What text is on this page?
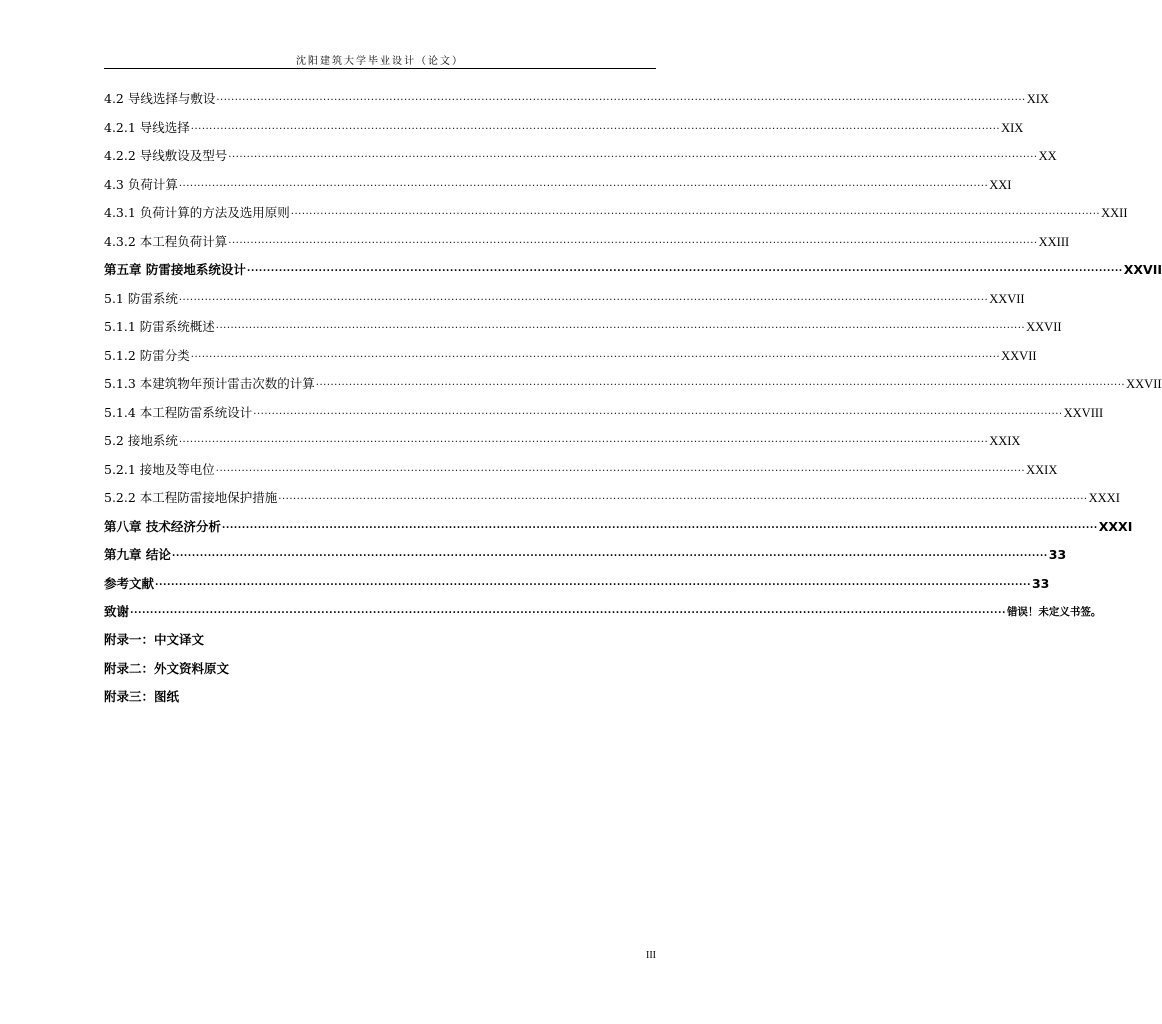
沈阳建筑大学毕业设计（论文）
4.2 导线选择与敷设 ............................................................................................................................................................................................................................ XIX
4.2.1 导线选择 ............................................................................................................................................................................................................................ XIX
4.2.2 导线敷设及型号 ............................................................................................................................................................................................................................ XX
4.3 负荷计算 ............................................................................................................................................................................................................................ XXI
4.3.1 负荷计算的方法及选用原则 ............................................................................................................................................................................................................................ XXII
4.3.2 本工程负荷计算 ............................................................................................................................................................................................................................ XXIII
第五章 防雷接地系统设计 ............................................................................................................................................................................................................................ XXVII
5.1 防雷系统 ............................................................................................................................................................................................................................ XXVII
5.1.1 防雷系统概述 ............................................................................................................................................................................................................................ XXVII
5.1.2 防雷分类 ............................................................................................................................................................................................................................ XXVII
5.1.3 本建筑物年预计雷击次数的计算 ............................................................................................................................................................................................................................ XXVII
5.1.4 本工程防雷系统设计 ............................................................................................................................................................................................................................ XXVIII
5.2 接地系统 ............................................................................................................................................................................................................................ XXIX
5.2.1 接地及等电位 ............................................................................................................................................................................................................................ XXIX
5.2.2 本工程防雷接地保护措施 ............................................................................................................................................................................................................................ XXXI
第八章 技术经济分析 ............................................................................................................................................................................................................................ XXXI
第九章 结论 ............................................................................................................................................................................................................................ 33
参考文献 ............................................................................................................................................................................................................................ 33
致谢 ............................................................................................................................................................................................................................ 错误！未定义书签。
附录一：中文译文
附录二：外文资料原文
附录三：图纸
III
